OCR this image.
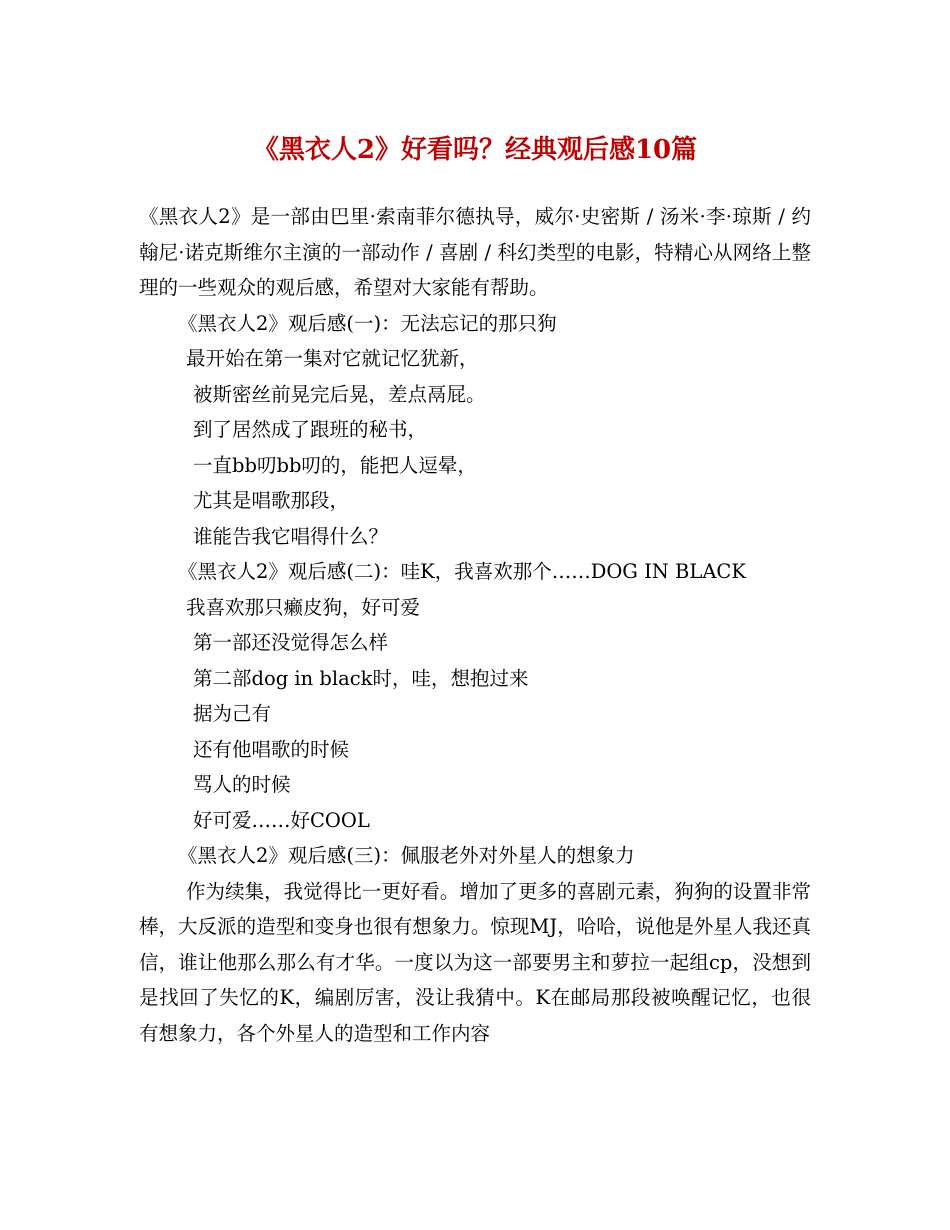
《黑衣人2》好看吗？经典观后感10篇

《黑衣人2》是一部由巴里·索南菲尔德执导，威尔·史密斯 / 汤米·李·琼斯 / 约翰尼·诺克斯维尔主演的一部动作 / 喜剧 / 科幻类型的电影，特精心从网络上整理的一些观众的观后感，希望对大家能有帮助。

《黑衣人2》观后感(一)：无法忘记的那只狗

最开始在第一集对它就记忆犹新，

被斯密丝前晃完后晃，差点鬲屁。

到了居然成了跟班的秘书，

一直bb叨bb叨的，能把人逗晕，

尤其是唱歌那段，

谁能告我它唱得什么？

《黑衣人2》观后感(二)：哇K，我喜欢那个……DOG IN BLACK

我喜欢那只癞皮狗，好可爱

第一部还没觉得怎么样

第二部dog in black时，哇，想抱过来

据为己有

还有他唱歌的时候

骂人的时候

好可爱……好COOL

《黑衣人2》观后感(三)：佩服老外对外星人的想象力

作为续集，我觉得比一更好看。增加了更多的喜剧元素，狗狗的设置非常棒，大反派的造型和变身也很有想象力。惊现MJ，哈哈，说他是外星人我还真信，谁让他那么那么有才华。一度以为这一部要男主和萝拉一起组cp，没想到是找回了失忆的K，编剧厉害，没让我猜中。K在邮局那段被唤醒记忆，也很有想象力，各个外星人的造型和工作内容
